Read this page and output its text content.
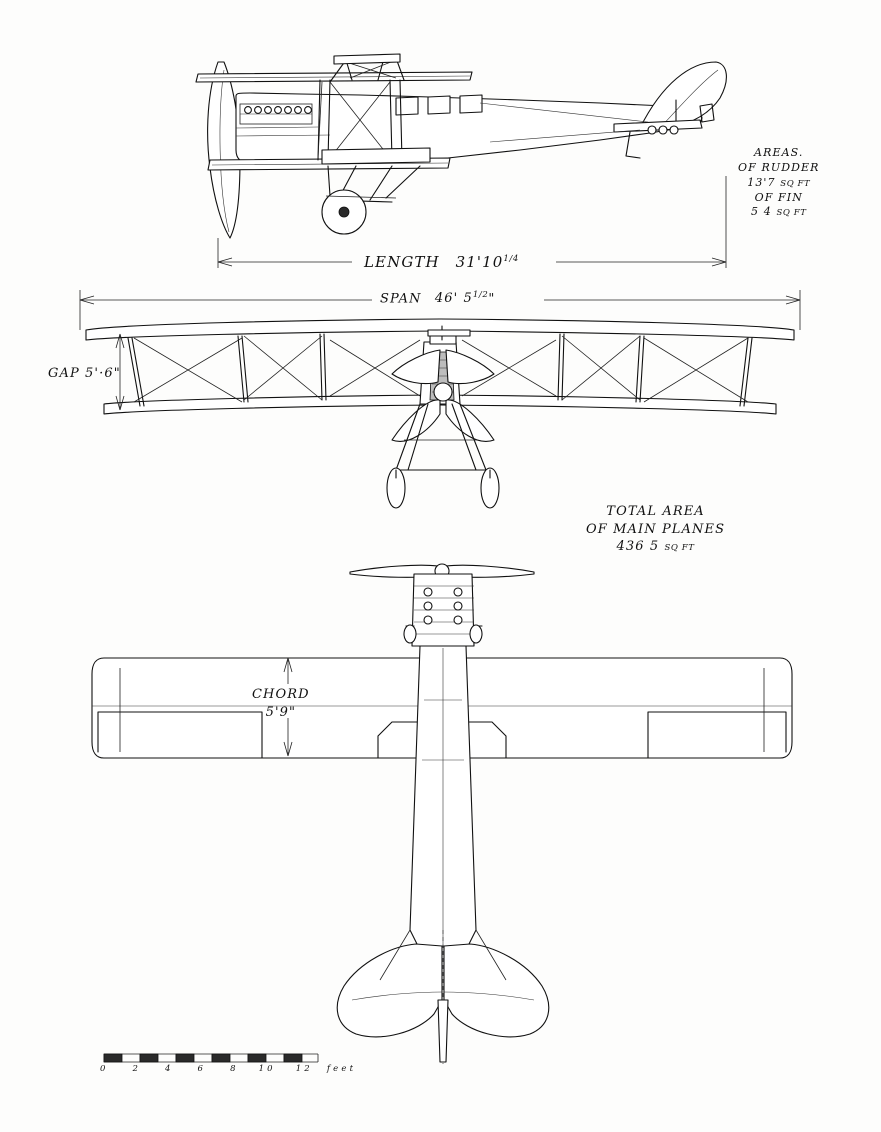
AREAS.
OF RUDDER
13'7 SQ FT
OF FIN
5 4 SQ FT
LENGTH $31'10^{1/4}$
SPAN 46' $5^{1/2}$"
GAP 5'·6"
TOTAL AREA
OF MAIN PLANES
436 5 SQ FT
CHORD
5'9"
0	2	4	6	8 10 12 feet
